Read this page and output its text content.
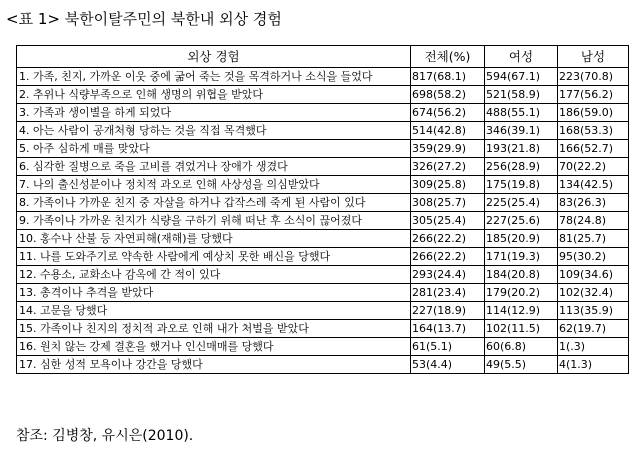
<표 1> 북한이탈주민의 북한내 외상 경험
외상 경험	전체(%)	여성	남성
1. 가족, 친지, 가까운 이웃 중에 굶어 죽는 것을 목격하거나 소식을 들었다	817(68.1)	594(67.1)	223(70.8)
2. 추위나 식량부족으로 인해 생명의 위협을 받았다	698(58.2)	521(58.9)	177(56.2)
3. 가족과 생이별을 하게 되었다	674(56.2)	488(55.1)	186(59.0)
4. 아는 사람이 공개처형 당하는 것을 직접 목격했다	514(42.8)	346(39.1)	168(53.3)
5. 아주 심하게 매를 맞았다	359(29.9)	193(21.8)	166(52.7)
6. 심각한 질병으로 죽을 고비를 겪었거나 장애가 생겼다	326(27.2)	256(28.9)	70(22.2)
7. 나의 출신성분이나 정치적 과오로 인해 사상성을 의심받았다	309(25.8)	175(19.8)	134(42.5)
8. 가족이나 가까운 친지 중 자살을 하거나 갑작스레 죽게 된 사람이 있다	308(25.7)	225(25.4)	83(26.3)
9. 가족이나 가까운 친지가 식량을 구하기 위해 떠난 후 소식이 끊어졌다	305(25.4)	227(25.6)	78(24.8)
10. 홍수나 산불 등 자연피해(재해)를 당했다	266(22.2)	185(20.9)	81(25.7)
11. 나를 도와주기로 약속한 사람에게 예상치 못한 배신을 당했다	266(22.2)	171(19.3)	95(30.2)
12. 수용소, 교화소나 감옥에 간 적이 있다	293(24.4)	184(20.8)	109(34.6)
13. 총격이나 추격을 받았다	281(23.4)	179(20.2)	102(32.4)
14. 고문을 당했다	227(18.9)	114(12.9)	113(35.9)
15. 가족이나 친지의 정치적 과오로 인해 내가 처벌을 받았다	164(13.7)	102(11.5)	62(19.7)
16. 원치 않는 강제 결혼을 했거나 인신매매를 당했다	61(5.1)	60(6.8)	1(.3)
17. 심한 성적 모욕이나 강간을 당했다	53(4.4)	49(5.5)	4(1.3)
참조: 김병창, 유시은(2010).
